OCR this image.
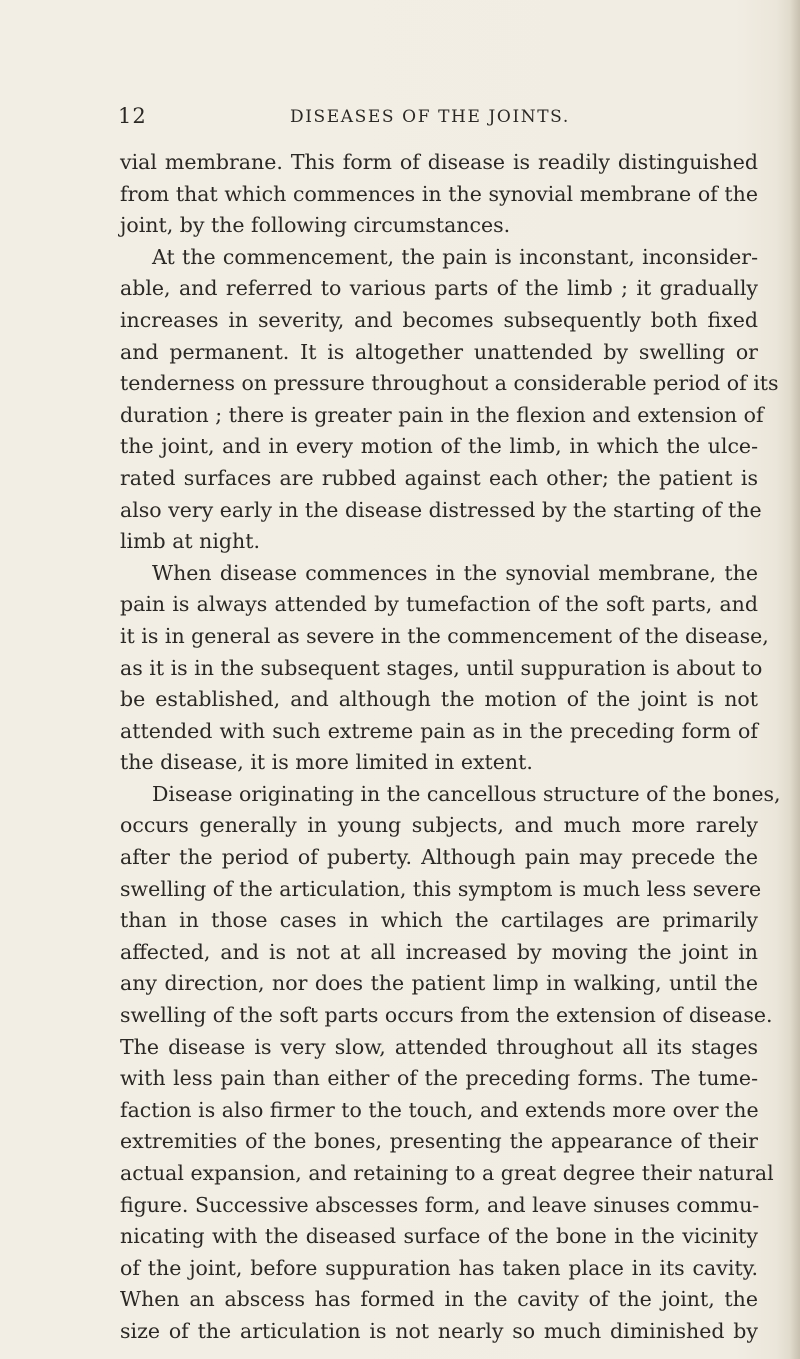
12	DISEASES OF THE JOINTS.
vial membrane. This form of disease is readily distinguished
from that which commences in the synovial membrane of the
joint, by the following circumstances.
At the commencement, the pain is inconstant, inconsider-
able, and referred to various parts of the limb ; it gradually
increases in severity, and becomes subsequently both fixed
and permanent. It is altogether unattended by swelling or
tenderness on pressure throughout a considerable period of its
duration ; there is greater pain in the flexion and extension of
the joint, and in every motion of the limb, in which the ulce-
rated surfaces are rubbed against each other; the patient is
also very early in the disease distressed by the starting of the
limb at night.
When disease commences in the synovial membrane, the
pain is always attended by tumefaction of the soft parts, and
it is in general as severe in the commencement of the disease,
as it is in the subsequent stages, until suppuration is about to
be established, and although the motion of the joint is not
attended with such extreme pain as in the preceding form of
the disease, it is more limited in extent.
Disease originating in the cancellous structure of the bones,
occurs generally in young subjects, and much more rarely
after the period of puberty. Although pain may precede the
swelling of the articulation, this symptom is much less severe
than in those cases in which the cartilages are primarily
affected, and is not at all increased by moving the joint in
any direction, nor does the patient limp in walking, until the
swelling of the soft parts occurs from the extension of disease.
The disease is very slow, attended throughout all its stages
with less pain than either of the preceding forms. The tume-
faction is also firmer to the touch, and extends more over the
extremities of the bones, presenting the appearance of their
actual expansion, and retaining to a great degree their natural
figure. Successive abscesses form, and leave sinuses commu-
nicating with the diseased surface of the bone in the vicinity
of the joint, before suppuration has taken place in its cavity.
When an abscess has formed in the cavity of the joint, the
size of the articulation is not nearly so much diminished by
